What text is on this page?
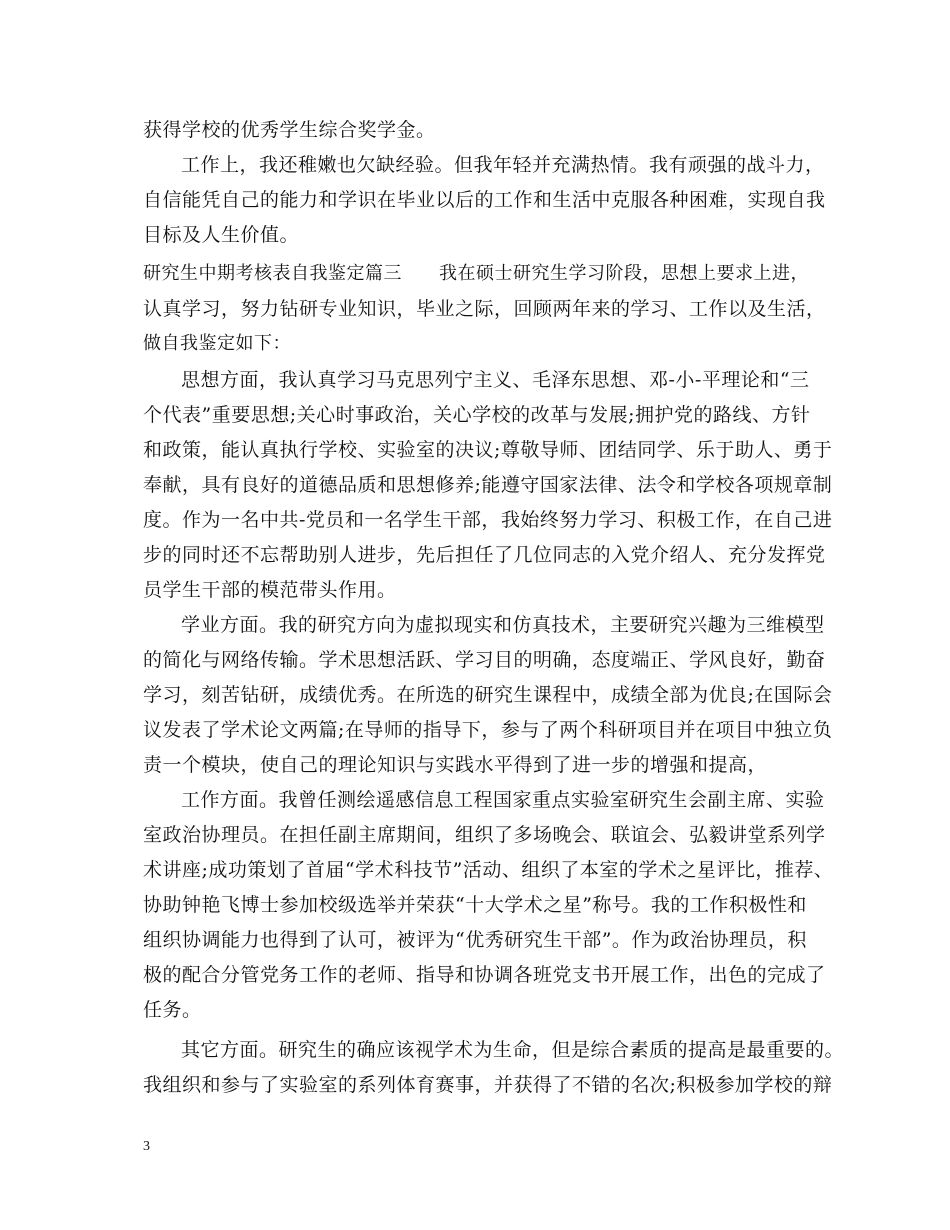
获得学校的优秀学生综合奖学金。
工作上，我还稚嫩也欠缺经验。但我年轻并充满热情。我有顽强的战斗力，
自信能凭自己的能力和学识在毕业以后的工作和生活中克服各种困难，实现自我
目标及人生价值。
研究生中期考核表自我鉴定篇三　　我在硕士研究生学习阶段，思想上要求上进，
认真学习，努力钻研专业知识，毕业之际，回顾两年来的学习、工作以及生活，
做自我鉴定如下：
思想方面，我认真学习马克思列宁主义、毛泽东思想、邓-小-平理论和“三
个代表”重要思想;关心时事政治，关心学校的改革与发展;拥护党的路线、方针
和政策，能认真执行学校、实验室的决议;尊敬导师、团结同学、乐于助人、勇于
奉献，具有良好的道德品质和思想修养;能遵守国家法律、法令和学校各项规章制
度。作为一名中共-党员和一名学生干部，我始终努力学习、积极工作，在自己进
步的同时还不忘帮助别人进步，先后担任了几位同志的入党介绍人、充分发挥党
员学生干部的模范带头作用。
学业方面。我的研究方向为虚拟现实和仿真技术，主要研究兴趣为三维模型
的简化与网络传输。学术思想活跃、学习目的明确，态度端正、学风良好，勤奋
学习，刻苦钻研，成绩优秀。在所选的研究生课程中，成绩全部为优良;在国际会
议发表了学术论文两篇;在导师的指导下，参与了两个科研项目并在项目中独立负
责一个模块，使自己的理论知识与实践水平得到了进一步的增强和提高，
工作方面。我曾任测绘遥感信息工程国家重点实验室研究生会副主席、实验
室政治协理员。在担任副主席期间，组织了多场晚会、联谊会、弘毅讲堂系列学
术讲座;成功策划了首届“学术科技节”活动、组织了本室的学术之星评比，推荐、
协助钟艳飞博士参加校级选举并荣获“十大学术之星”称号。我的工作积极性和
组织协调能力也得到了认可，被评为“优秀研究生干部”。作为政治协理员，积
极的配合分管党务工作的老师、指导和协调各班党支书开展工作，出色的完成了
任务。
其它方面。研究生的确应该视学术为生命，但是综合素质的提高是最重要的。
我组织和参与了实验室的系列体育赛事，并获得了不错的名次;积极参加学校的辩
3
